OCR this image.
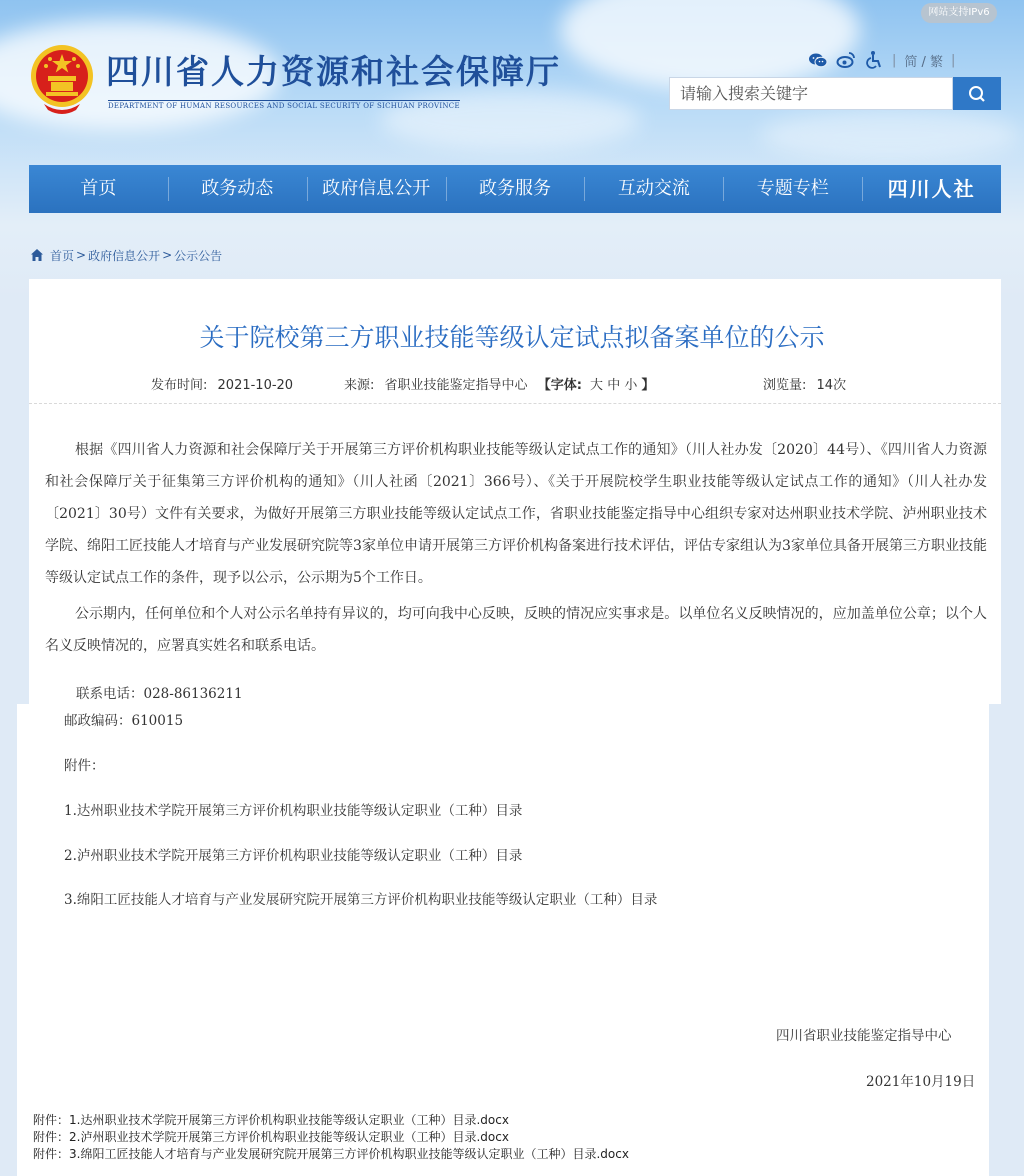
网站支持IPv6
四川省人力资源和社会保障厅
DEPARTMENT OF HUMAN RESOURCES AND SOCIAL SECURITY OF SICHUAN PROVINCE
| 简 / 繁 |
请输入搜索关键字
首页	政务动态	政府信息公开	政务服务	互动交流	专题专栏	四川人社
首页 > 政府信息公开 > 公示公告
关于院校第三方职业技能等级认定试点拟备案单位的公示
发布时间: 2021-10-20	来源: 省职业技能鉴定指导中心 【字体: 大 中 小 】	浏览量: 14次

根据《四川省人力资源和社会保障厅关于开展第三方评价机构职业技能等级认定试点工作的通知》（川人社办发〔2020〕44号）、《四川省人力资源和社会保障厅关于征集第三方评价机构的通知》（川人社函〔2021〕366号）、《关于开展院校学生职业技能等级认定试点工作的通知》（川人社办发〔2021〕30号）文件有关要求，为做好开展第三方职业技能等级认定试点工作，省职业技能鉴定指导中心组织专家对达州职业技术学院、泸州职业技术学院、绵阳工匠技能人才培育与产业发展研究院等3家单位申请开展第三方评价机构备案进行技术评估，评估专家组认为3家单位具备开展第三方职业技能等级认定试点工作的条件，现予以公示，公示期为5个工作日。

公示期内，任何单位和个人对公示名单持有异议的，均可向我中心反映，反映的情况应实事求是。以单位名义反映情况的，应加盖单位公章；以个人名义反映情况的，应署真实姓名和联系电话。

联系电话：028-86136211
邮政编码：610015
附件：
1.达州职业技术学院开展第三方评价机构职业技能等级认定职业（工种）目录
2.泸州职业技术学院开展第三方评价机构职业技能等级认定职业（工种）目录
3.绵阳工匠技能人才培育与产业发展研究院开展第三方评价机构职业技能等级认定职业（工种）目录
四川省职业技能鉴定指导中心
2021年10月19日
附件：1.达州职业技术学院开展第三方评价机构职业技能等级认定职业（工种）目录.docx
附件：2.泸州职业技术学院开展第三方评价机构职业技能等级认定职业（工种）目录.docx
附件：3.绵阳工匠技能人才培育与产业发展研究院开展第三方评价机构职业技能等级认定职业（工种）目录.docx
